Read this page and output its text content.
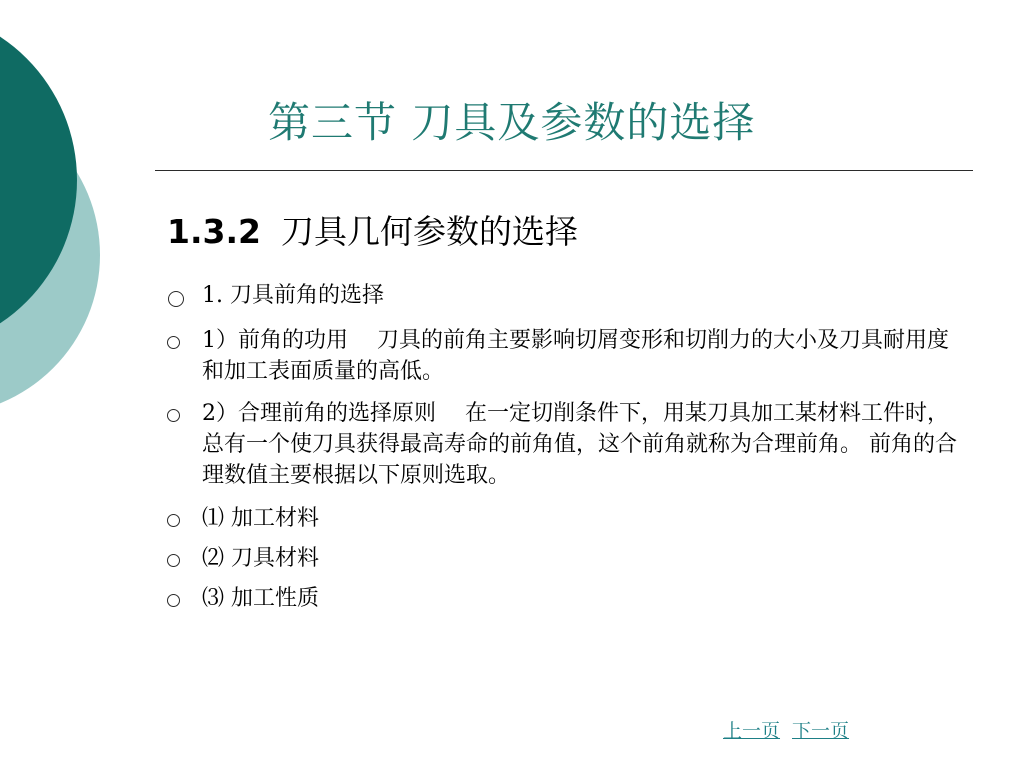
第三节 刀具及参数的选择
1.3.2 刀具几何参数的选择
1. 刀具前角的选择
1）前角的功用　 刀具的前角主要影响切屑变形和切削力的大小及刀具耐用度和加工表面质量的高低。
2）合理前角的选择原则　 在一定切削条件下，用某刀具加工某材料工件时，总有一个使刀具获得最高寿命的前角值，这个前角就称为合理前角。 前角的合理数值主要根据以下原则选取。
⑴ 加工材料
⑵ 刀具材料
⑶ 加工性质
上一页 下一页
